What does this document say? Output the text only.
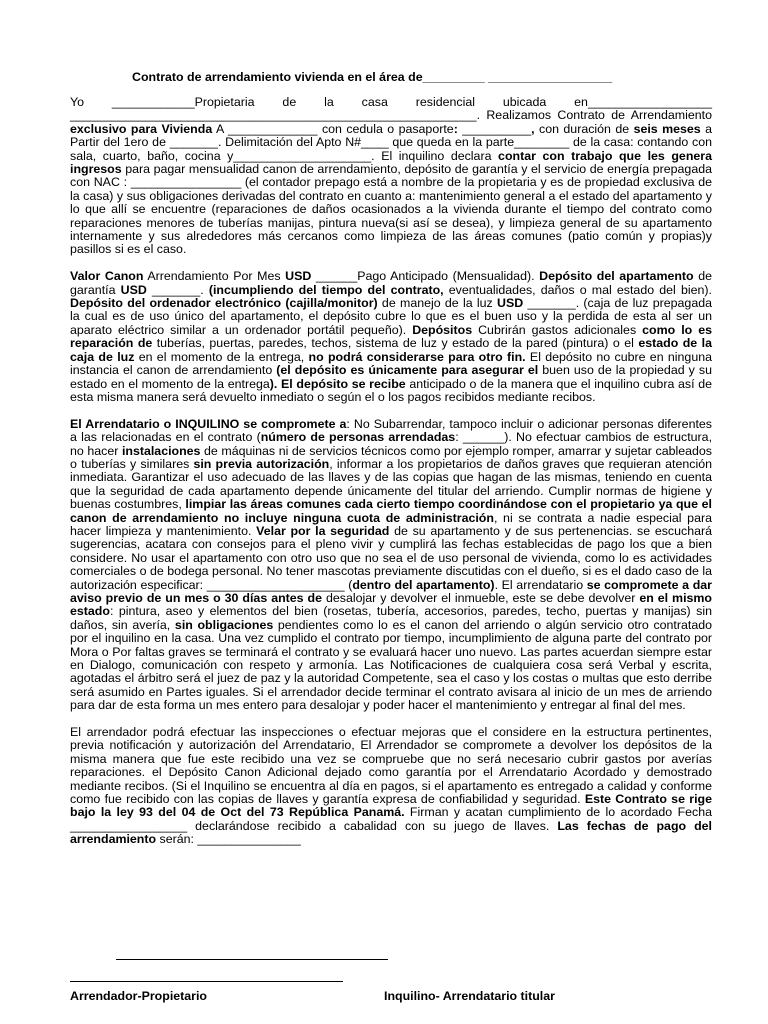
Contrato de arrendamiento vivienda en el área de_________ __________________

Yo ____________Propietaria de la casa residencial ubicada en__________________ ___________________________________________________________. Realizamos Contrato de Arrendamiento exclusivo para Vivienda A _____________ con cedula o pasaporte: __________, con duración de seis meses a Partir del 1ero de _______. Delimitación del Apto N#____ que queda en la parte________ de la casa: contando con sala, cuarto, baño, cocina y____________________. El inquilino declara contar con trabajo que les genera ingresos para pagar mensualidad canon de arrendamiento, depósito de garantía y el servicio de energía prepagada con NAC : ________________ (el contador prepago está a nombre de la propietaria y es de propiedad exclusiva de la casa) y sus obligaciones derivadas del contrato en cuanto a: mantenimiento general a el estado del apartamento y lo que allí se encuentre (reparaciones de daños ocasionados a la vivienda durante el tiempo del contrato como reparaciones menores de tuberías manijas, pintura nueva(si así se desea), y limpieza general de su apartamento internamente y sus alrededores más cercanos como limpieza de las áreas comunes (patio común y propias)y pasillos si es el caso.

Valor Canon Arrendamiento Por Mes USD ______Pago Anticipado (Mensualidad). Depósito del apartamento de garantía USD _______. (incumpliendo del tiempo del contrato, eventualidades, daños o mal estado del bien). Depósito del ordenador electrónico (cajilla/monitor) de manejo de la luz USD _______. (caja de luz prepagada la cual es de uso único del apartamento, el depósito cubre lo que es el buen uso y la perdida de esta al ser un aparato eléctrico similar a un ordenador portátil pequeño). Depósitos Cubrirán gastos adicionales como lo es reparación de tuberías, puertas, paredes, techos, sistema de luz y estado de la pared (pintura) o el estado de la caja de luz en el momento de la entrega, no podrá considerarse para otro fin. El depósito no cubre en ninguna instancia el canon de arrendamiento (el depósito es únicamente para asegurar el buen uso de la propiedad y su estado en el momento de la entrega). El depósito se recibe anticipado o de la manera que el inquilino cubra así de esta misma manera será devuelto inmediato o según el o los pagos recibidos mediante recibos.

El Arrendatario o INQUILINO se compromete a: No Subarrendar, tampoco incluir o adicionar personas diferentes a las relacionadas en el contrato (número de personas arrendadas: ______). No efectuar cambios de estructura, no hacer instalaciones de máquinas ni de servicios técnicos como por ejemplo romper, amarrar y sujetar cableados o tuberías y similares sin previa autorización, informar a los propietarios de daños graves que requieran atención inmediata. Garantizar el uso adecuado de las llaves y de las copias que hagan de las mismas, teniendo en cuenta que la seguridad de cada apartamento depende únicamente del titular del arriendo. Cumplir normas de higiene y buenas costumbres, limpiar las áreas comunes cada cierto tiempo coordinándose con el propietario ya que el canon de arrendamiento no incluye ninguna cuota de administración, ni se contrata a nadie especial para hacer limpieza y mantenimiento. Velar por la seguridad de su apartamento y de sus pertenencias. se escuchará sugerencias, acatara con consejos para el pleno vivir y cumplirá las fechas establecidas de pago los que a bien considere. No usar el apartamento con otro uso que no sea el de uso personal de vivienda, como lo es actividades comerciales o de bodega personal. No tener mascotas previamente discutidas con el dueño, si es el dado caso de la autorización especificar: ____________________ (dentro del apartamento). El arrendatario se compromete a dar aviso previo de un mes o 30 días antes de desalojar y devolver el inmueble, este se debe devolver en el mismo estado: pintura, aseo y elementos del bien (rosetas, tubería, accesorios, paredes, techo, puertas y manijas) sin daños, sin avería, sin obligaciones pendientes como lo es el canon del arriendo o algún servicio otro contratado por el inquilino en la casa. Una vez cumplido el contrato por tiempo, incumplimiento de alguna parte del contrato por Mora o Por faltas graves se terminará el contrato y se evaluará hacer uno nuevo. Las partes acuerdan siempre estar en Dialogo, comunicación con respeto y armonía. Las Notificaciones de cualquiera cosa será Verbal y escrita, agotadas el árbitro será el juez de paz y la autoridad Competente, sea el caso y los costas o multas que esto derribe será asumido en Partes iguales. Si el arrendador decide terminar el contrato avisara al inicio de un mes de arriendo para dar de esta forma un mes entero para desalojar y poder hacer el mantenimiento y entregar al final del mes.

El arrendador podrá efectuar las inspecciones o efectuar mejoras que el considere en la estructura pertinentes, previa notificación y autorización del Arrendatario, El Arrendador se compromete a devolver los depósitos de la misma manera que fue este recibido una vez se compruebe que no será necesario cubrir gastos por averías reparaciones. el Depósito Canon Adicional dejado como garantía por el Arrendatario Acordado y demostrado mediante recibos. (Si el Inquilino se encuentra al día en pagos, si el apartamento es entregado a calidad y conforme como fue recibido con las copias de llaves y garantía expresa de confiabilidad y seguridad. Este Contrato se rige bajo la ley 93 del 04 de Oct del 73 República Panamá. Firman y acatan cumplimiento de lo acordado Fecha _________________ declarándose recibido a cabalidad con su juego de llaves. Las fechas de pago del arrendamiento serán: _______________

Arrendador-Propietario	Inquilino- Arrendatario titular
